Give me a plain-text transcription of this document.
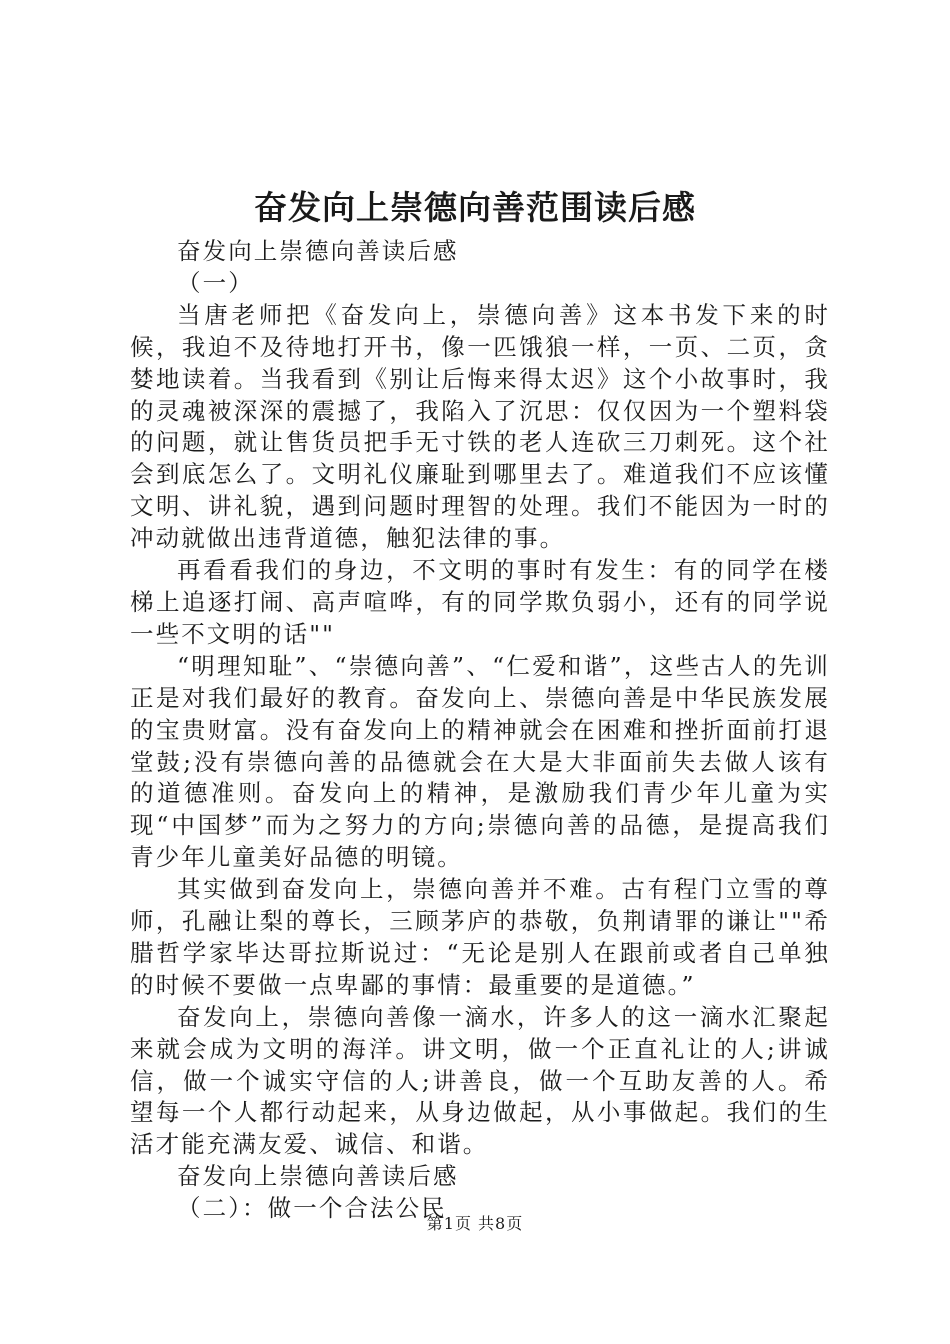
奋发向上崇德向善范围读后感

奋发向上崇德向善读后感

（一）

当唐老师把《奋发向上，崇德向善》这本书发下来的时候，我迫不及待地打开书，像一匹饿狼一样，一页、二页，贪婪地读着。当我看到《别让后悔来得太迟》这个小故事时，我的灵魂被深深的震撼了，我陷入了沉思：仅仅因为一个塑料袋的问题，就让售货员把手无寸铁的老人连砍三刀刺死。这个社会到底怎么了。文明礼仪廉耻到哪里去了。难道我们不应该懂文明、讲礼貌，遇到问题时理智的处理。我们不能因为一时的冲动就做出违背道德，触犯法律的事。

再看看我们的身边，不文明的事时有发生：有的同学在楼梯上追逐打闹、高声喧哗，有的同学欺负弱小，还有的同学说一些不文明的话""

“明理知耻”、“崇德向善”、“仁爱和谐”，这些古人的先训正是对我们最好的教育。奋发向上、崇德向善是中华民族发展的宝贵财富。没有奋发向上的精神就会在困难和挫折面前打退堂鼓;没有崇德向善的品德就会在大是大非面前失去做人该有的道德准则。奋发向上的精神，是激励我们青少年儿童为实现“中国梦”而为之努力的方向;崇德向善的品德，是提高我们青少年儿童美好品德的明镜。

其实做到奋发向上，崇德向善并不难。古有程门立雪的尊师，孔融让梨的尊长，三顾茅庐的恭敬，负荆请罪的谦让""希腊哲学家毕达哥拉斯说过：“无论是别人在跟前或者自己单独的时候不要做一点卑鄙的事情：最重要的是道德。”

奋发向上，崇德向善像一滴水，许多人的这一滴水汇聚起来就会成为文明的海洋。讲文明，做一个正直礼让的人;讲诚信，做一个诚实守信的人;讲善良，做一个互助友善的人。希望每一个人都行动起来，从身边做起，从小事做起。我们的生活才能充满友爱、诚信、和谐。

奋发向上崇德向善读后感

（二）：做一个合法公民

第1页 共8页
